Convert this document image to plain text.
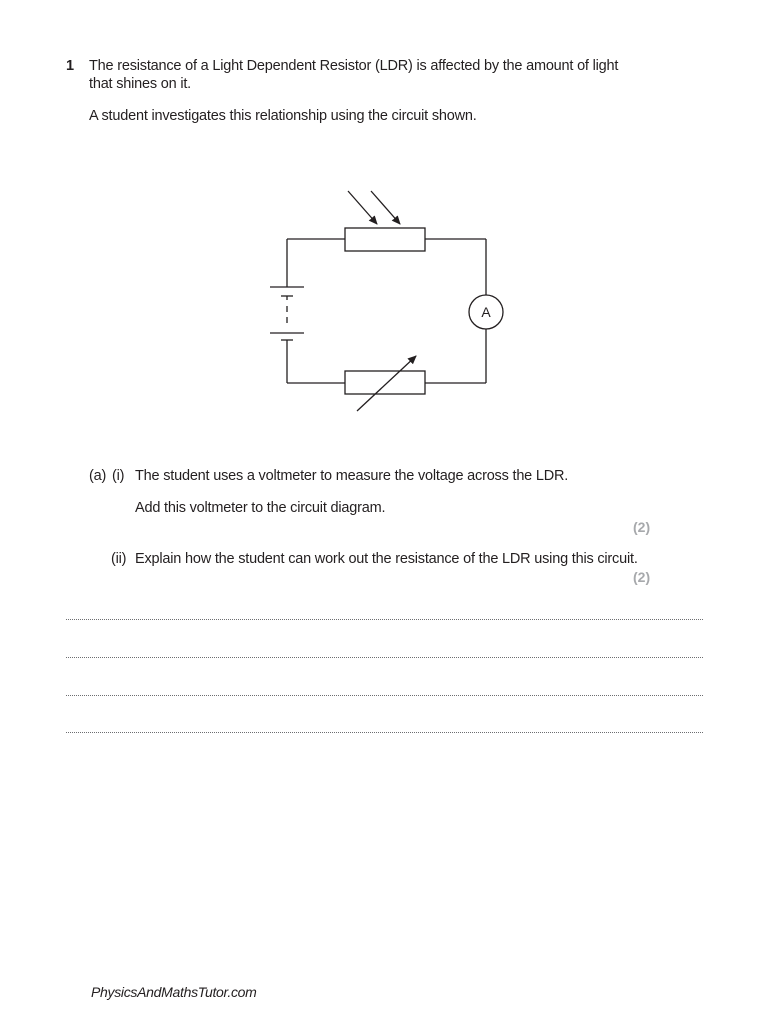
1 The resistance of a Light Dependent Resistor (LDR) is affected by the amount of light
that shines on it.
A student investigates this relationship using the circuit shown.
A
(a) (i) The student uses a voltmeter to measure the voltage across the LDR.
Add this voltmeter to the circuit diagram.
(2)
(ii) Explain how the student can work out the resistance of the LDR using this circuit.
(2)
PhysicsAndMathsTutor.com
